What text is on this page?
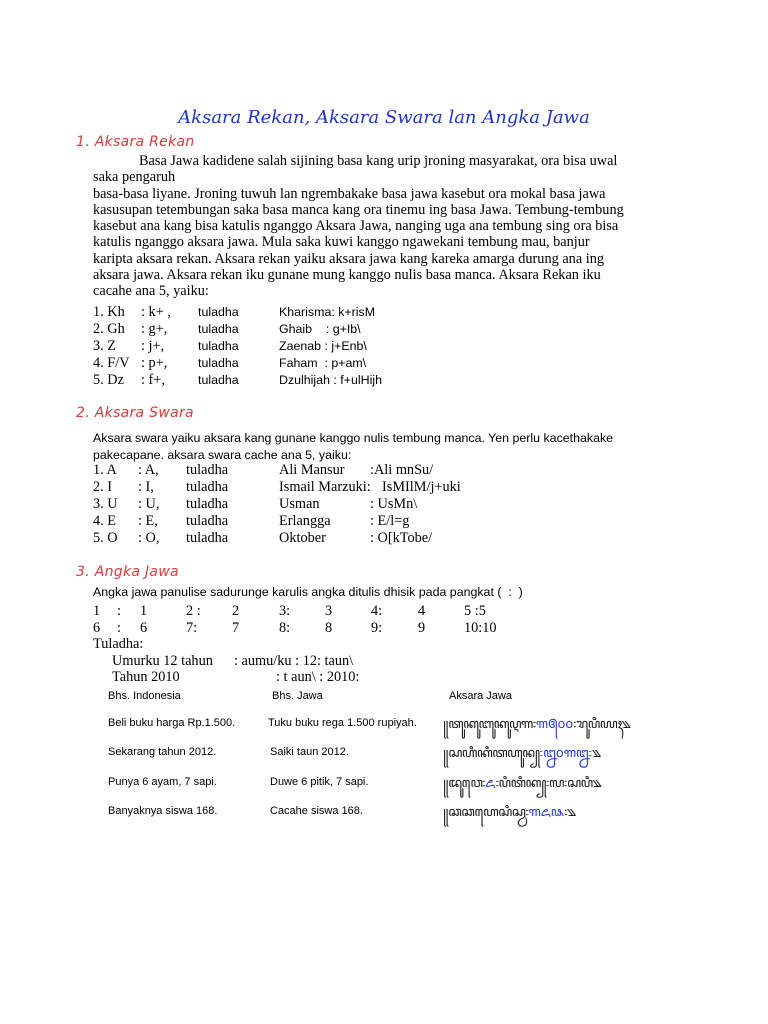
Aksara Rekan, Aksara Swara lan Angka Jawa
1. Aksara Rekan

Basa Jawa kadidene salah sijining basa kang urip jroning masyarakat, ora bisa uwal

saka pengaruh

basa-basa liyane. Jroning tuwuh lan ngrembakake basa jawa kasebut ora mokal basa jawa

kasusupan tetembungan saka basa manca kang ora tinemu ing basa Jawa. Tembung-tembung

kasebut ana kang bisa katulis nganggo Aksara Jawa, nanging uga ana tembung sing ora bisa

katulis nganggo aksara jawa. Mula saka kuwi kanggo ngawekani tembung mau, banjur

karipta aksara rekan. Aksara rekan yaiku aksara jawa kang kareka amarga durung ana ing

aksara jawa. Aksara rekan iku gunane mung kanggo nulis basa manca. Aksara Rekan iku

cacahe ana 5, yaiku:

1. Kh : k+ , tuladha	Kharisma: k+risM
2. Gh : g+, tuladha	Ghaib    : g+Ib\
3. Z : j+,	tuladha	Zaenab : j+Enb\
4. F/V : p+, tuladha	Faham  : p+am\
5. Dz : f+,	tuladha	Dzulhijah : f+ulHijh
2. Aksara Swara
Aksara swara yaiku aksara kang gunane kanggo nulis tembung manca. Yen perlu kacethakake
pakecapane. aksara swara cache ana 5, yaiku:
1. A : A, tuladha	Ali Mansur :Ali mnSu/
2. I : I, tuladha	Ismail Marzuki: IsMIlM/j+uki
3. U : U, tuladha	Usman	: UsMn\
4. E : E, tuladha	Erlangga	: E/l=g
5. O : O, tuladha	Oktober	: O[kTobe/
3. Angka Jawa
Angka jawa panulise sadurunge karulis angka ditulis dhisik pada pangkat (  :  )
1 : 1	2 : 2	3: 3	4:	4	5 :5
6 : 6	7: 7	8: 8	9:	9	10:10
Tuladha:
Umurku 12 tahun : aumu/ku : 12: taun\
Tahun 2010	: t aun\ : 2010:
Bhs. Indonesia	Bhs. Jawa	Aksara Jawa
Beli buku harga Rp.1.500.	Tuku buku rega 1.500 rupiyah. ꧋ꦠꦸꦏꦸꦧꦸꦏꦸꦉꦒ꧇꧑꧕꧐꧐꧇ꦫꦸꦥꦶꦪꦃ꧉
Sekarang tahun 2012.	Saiki taun 2012.	꧋ꦱꦲꦶꦏꦶꦠꦲꦸꦤ꧀꧇꧒꧐꧑꧒꧇꧉
Punya 6 ayam, 7 sapi.	Duwe 6 pitik, 7 sapi.	꧋ꦢꦸꦮꦺ꧇꧖꧇ꦥꦶꦠꦶꦏ꧀꧇꧗꧇ꦱꦥꦶ꧉
Banyaknya siswa 168.	Cacahe siswa 168.	꧋ꦕꦕꦲꦺꦱꦶꦱ꧀ꦮ꧇꧑꧖꧘꧇꧉
